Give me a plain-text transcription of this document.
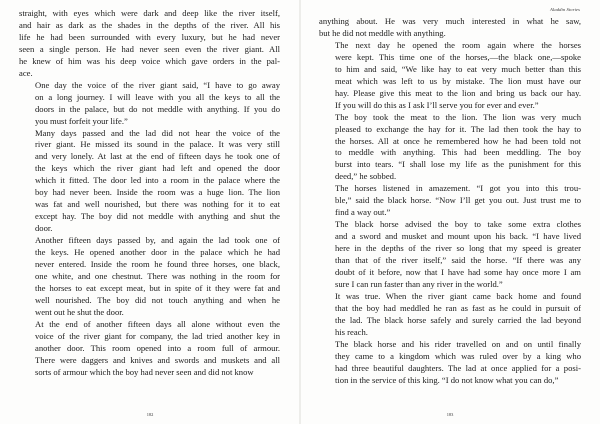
straight, with eyes which were dark and deep like the river itself,
and hair as dark as the shades in the depths of the river. All his
life he had been surrounded with every luxury, but he had never
seen a single person. He had never seen even the river giant. All
he knew of him was his deep voice which gave orders in the pal-
ace.
One day the voice of the river giant said, “I have to go away
on a long journey. I will leave with you all the keys to all the
doors in the palace, but do not meddle with anything. If you do
you must forfeit your life.”
Many days passed and the lad did not hear the voice of the
river giant. He missed its sound in the palace. It was very still
and very lonely. At last at the end of fifteen days he took one of
the keys which the river giant had left and opened the door
which it fitted. The door led into a room in the palace where the
boy had never been. Inside the room was a huge lion. The lion
was fat and well nourished, but there was nothing for it to eat
except hay. The boy did not meddle with anything and shut the
door.
Another fifteen days passed by, and again the lad took one of
the keys. He opened another door in the palace which he had
never entered. Inside the room he found three horses, one black,
one white, and one chestnut. There was nothing in the room for
the horses to eat except meat, but in spite of it they were fat and
well nourished. The boy did not touch anything and when he
went out he shut the door.
At the end of another fifteen days all alone without even the
voice of the river giant for company, the lad tried another key in
another door. This room opened into a room full of armour.
There were daggers and knives and swords and muskets and all
sorts of armour which the boy had never seen and did not know
182
Aladdin Stories
anything about. He was very much interested in what he saw,
but he did not meddle with anything.
The next day he opened the room again where the horses
were kept. This time one of the horses,—the black one,—spoke
to him and said, “We like hay to eat very much better than this
meat which was left to us by mistake. The lion must have our
hay. Please give this meat to the lion and bring us back our hay.
If you will do this as I ask I’ll serve you for ever and ever.”
The boy took the meat to the lion. The lion was very much
pleased to exchange the hay for it. The lad then took the hay to
the horses. All at once he remembered how he had been told not
to meddle with anything. This had been meddling. The boy
burst into tears. “I shall lose my life as the punishment for this
deed,” he sobbed.
The horses listened in amazement. “I got you into this trou-
ble,” said the black horse. “Now I’ll get you out. Just trust me to
find a way out.”
The black horse advised the boy to take some extra clothes
and a sword and musket and mount upon his back. “I have lived
here in the depths of the river so long that my speed is greater
than that of the river itself,” said the horse. “If there was any
doubt of it before, now that I have had some hay once more I am
sure I can run faster than any river in the world.”
It was true. When the river giant came back home and found
that the boy had meddled he ran as fast as he could in pursuit of
the lad. The black horse safely and surely carried the lad beyond
his reach.
The black horse and his rider travelled on and on until finally
they came to a kingdom which was ruled over by a king who
had three beautiful daughters. The lad at once applied for a posi-
tion in the service of this king. “I do not know what you can do,”
183
